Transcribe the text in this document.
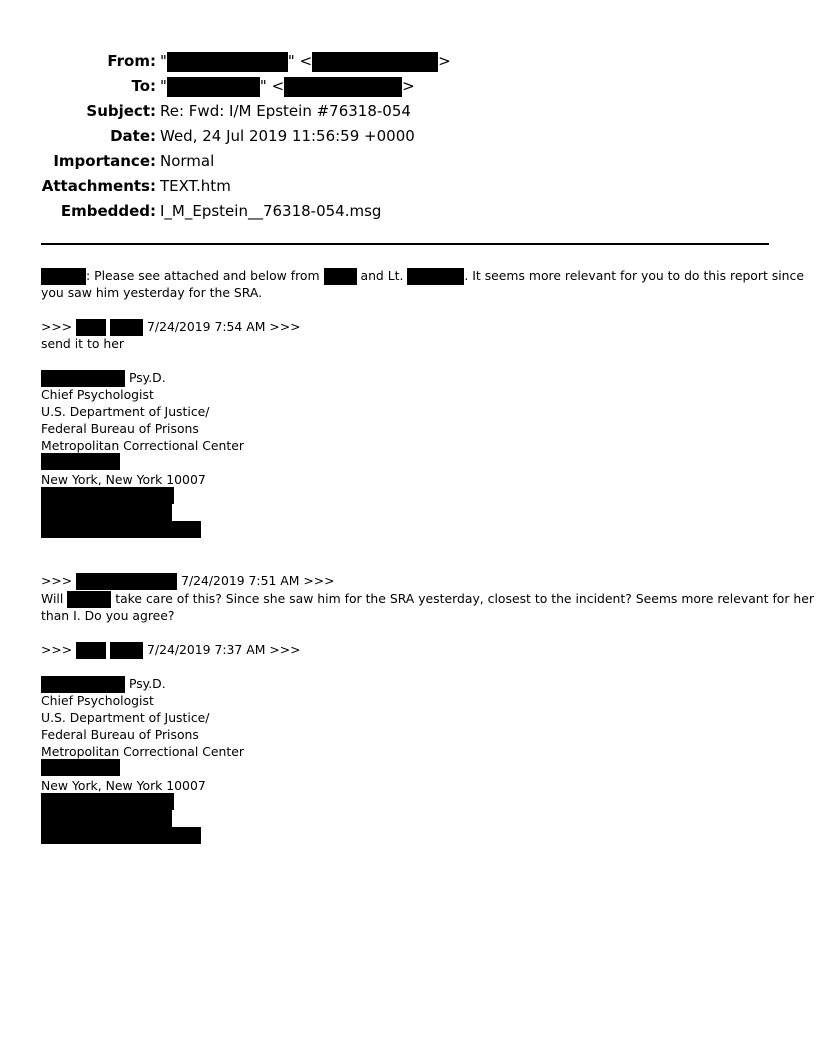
From: "	" <	>
To: "	" <	>
Subject: Re: Fwd: I/M Epstein #76318-054
Date: Wed, 24 Jul 2019 11:56:59 +0000
Importance: Normal
Attachments: TEXT.htm
Embedded: I_M_Epstein__76318-054.msg
: Please see attached and below from	and Lt.	. It seems more relevant for you to do this report since
you saw him yesterday for the SRA.
>>>	7/24/2019 7:54 AM >>>
send it to her
Psy.D.
Chief Psychologist
U.S. Department of Justice/
Federal Bureau of Prisons
Metropolitan Correctional Center
New York, New York 10007
>>>	7/24/2019 7:51 AM >>>
Will	take care of this? Since she saw him for the SRA yesterday, closest to the incident? Seems more relevant for her
than I. Do you agree?
>>>	7/24/2019 7:37 AM >>>
Psy.D.
Chief Psychologist
U.S. Department of Justice/
Federal Bureau of Prisons
Metropolitan Correctional Center
New York, New York 10007
